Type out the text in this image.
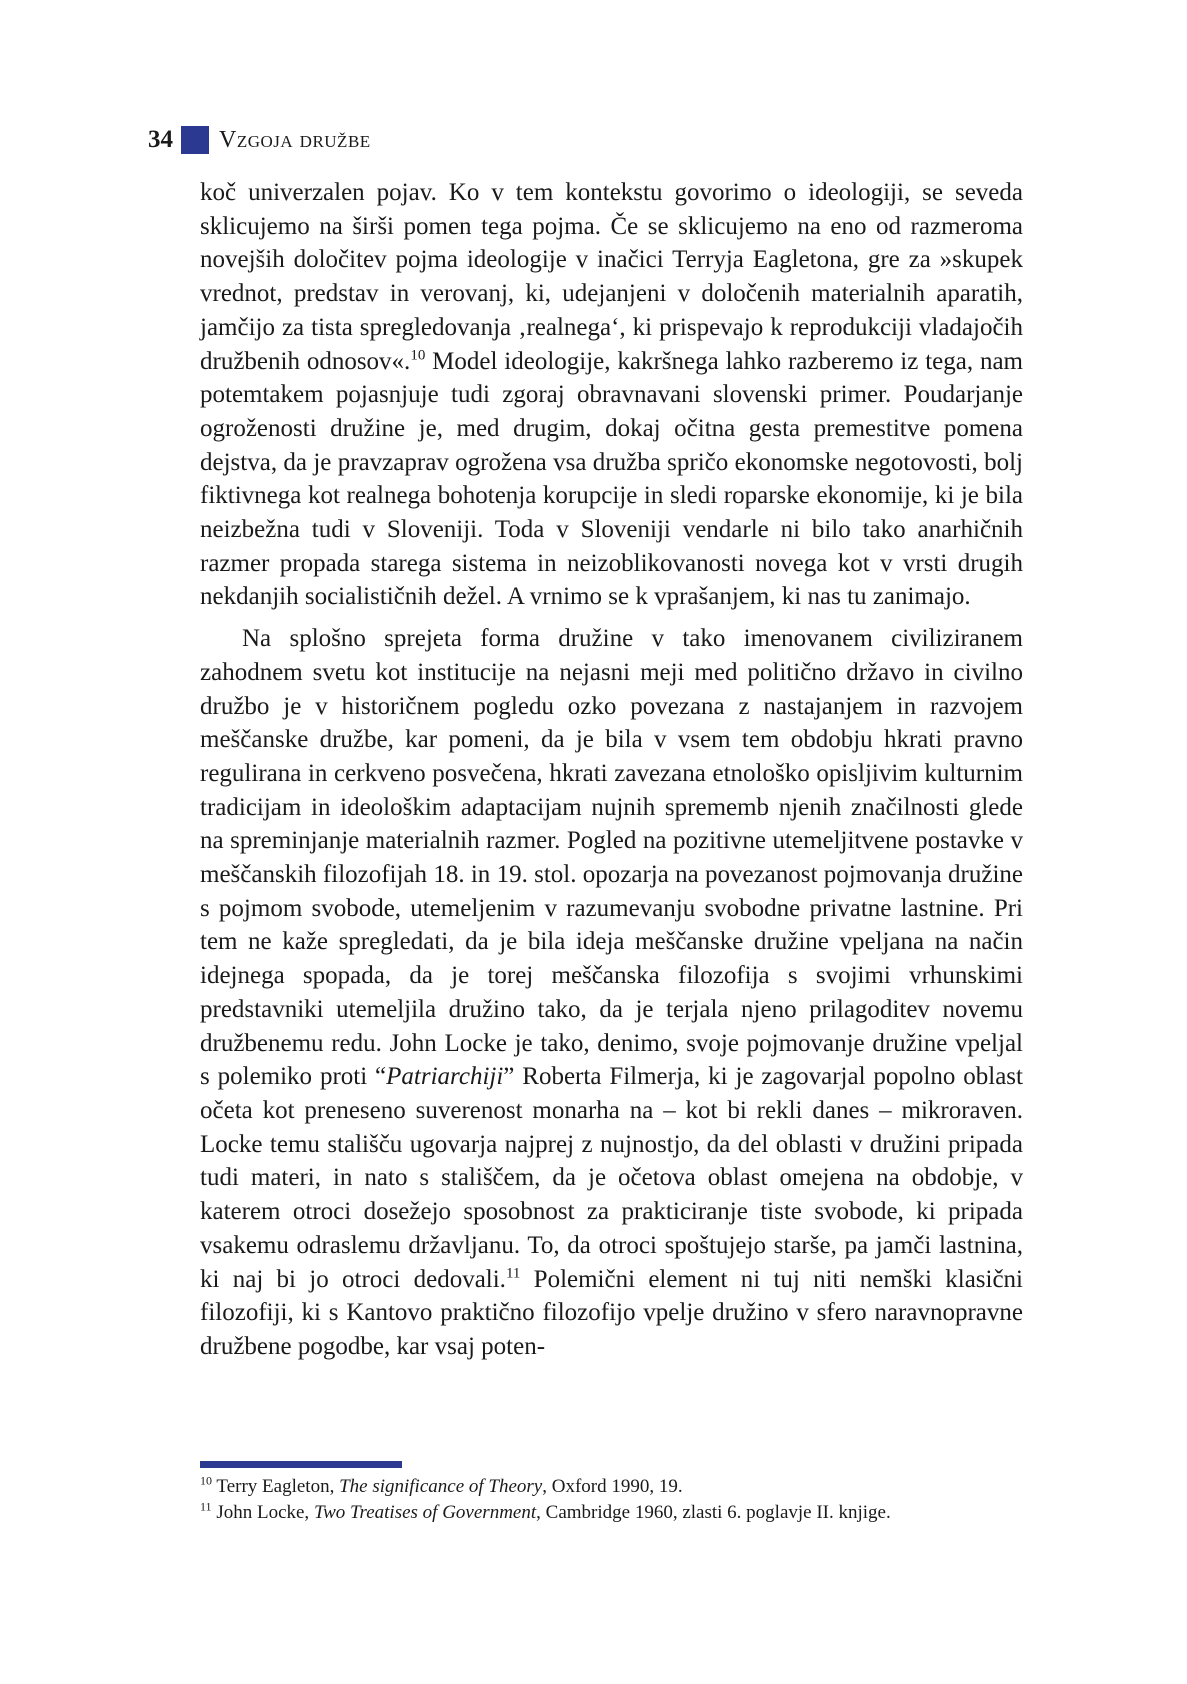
34 Vzgoja družbe

koč univerzalen pojav. Ko v tem kontekstu govorimo o ideologiji, se seveda sklicujemo na širši pomen tega pojma. Če se sklicujemo na eno od razmeroma novejših določitev pojma ideologije v inačici Terryja Eagletona, gre za »skupek vrednot, predstav in verovanj, ki, udejanjeni v določenih materialnih aparatih, jamčijo za tista spregledovanja ‚realnega‘, ki prispevajo k reprodukciji vladajočih družbenih odnosov«.$^{10}$ Model ideologije, kakršnega lahko razberemo iz tega, nam potemtakem pojasnjuje tudi zgoraj obravnavani slovenski primer. Poudarjanje ogroženosti družine je, med drugim, dokaj očitna gesta premestitve pomena dejstva, da je pravzaprav ogrožena vsa družba spričo ekonomske negotovosti, bolj fiktivnega kot realnega bohotenja korupcije in sledi roparske ekonomije, ki je bila neizbežna tudi v Sloveniji. Toda v Sloveniji vendarle ni bilo tako anarhičnih razmer propada starega sistema in neizoblikovanosti novega kot v vrsti drugih nekdanjih socialističnih dežel. A vrnimo se k vprašanjem, ki nas tu zanimajo.

Na splošno sprejeta forma družine v tako imenovanem civiliziranem zahodnem svetu kot institucije na nejasni meji med politično državo in civilno družbo je v historičnem pogledu ozko povezana z nastajanjem in razvojem meščanske družbe, kar pomeni, da je bila v vsem tem obdobju hkrati pravno regulirana in cerkveno posvečena, hkrati zavezana etnološko opisljivim kulturnim tradicijam in ideološkim adaptacijam nujnih sprememb njenih značilnosti glede na spreminjanje materialnih razmer. Pogled na pozitivne utemeljitvene postavke v meščanskih filozofijah 18. in 19. stol. opozarja na povezanost pojmovanja družine s pojmom svobode, utemeljenim v razumevanju svobodne privatne lastnine. Pri tem ne kaže spregledati, da je bila ideja meščanske družine vpeljana na način idejnega spopada, da je torej meščanska filozofija s svojimi vrhunskimi predstavniki utemeljila družino tako, da je terjala njeno prilagoditev novemu družbenemu redu. John Locke je tako, denimo, svoje pojmovanje družine vpeljal s polemiko proti “Patriarchiji” Roberta Filmerja, ki je zagovarjal popolno oblast očeta kot preneseno suverenost monarha na – kot bi rekli danes – mikroraven. Locke temu stališču ugovarja najprej z nujnostjo, da del oblasti v družini pripada tudi materi, in nato s stališčem, da je očetova oblast omejena na obdobje, v katerem otroci dosežejo sposobnost za prakticiranje tiste svobode, ki pripada vsakemu odraslemu državljanu. To, da otroci spoštujejo starše, pa jamči lastnina, ki naj bi jo otroci dedovali.$^{11}$ Polemični element ni tuj niti nemški klasični filozofiji, ki s Kantovo praktično filozofijo vpelje družino v sfero naravnopravne družbene pogodbe, kar vsaj poten-

$^{10}$ Terry Eagleton, The significance of Theory, Oxford 1990, 19.

$^{11}$ John Locke, Two Treatises of Government, Cambridge 1960, zlasti 6. poglavje II. knjige.
